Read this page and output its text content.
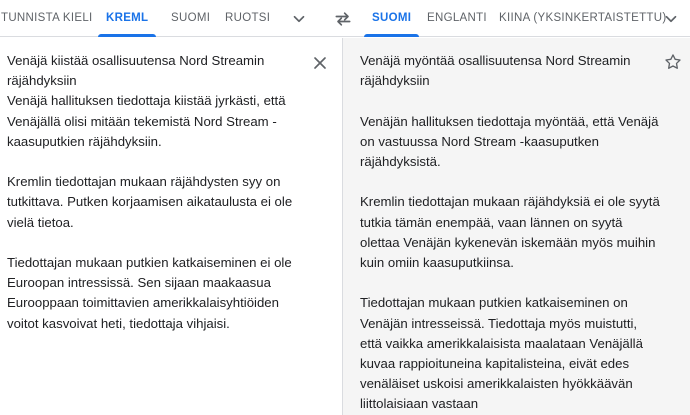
TUNNISTA KIELI KREML SUOMI RUOTSI	SUOMI ENGLANTI KIINA (YKSINKERTAISTETTU)
Venäjä kiistää osallisuutensa Nord Streamin
räjähdyksiin
Venäjä hallituksen tiedottaja kiistää jyrkästi, että
Venäjällä olisi mitään tekemistä Nord Stream -
kaasuputkien räjähdyksiin.
Kremlin tiedottajan mukaan räjähdysten syy on
tutkittava. Putken korjaamisen aikataulusta ei ole
vielä tietoa.
Tiedottajan mukaan putkien katkaiseminen ei ole
Euroopan intressissä. Sen sijaan maakaasua
Eurooppaan toimittavien amerikkalaisyhtiöiden
voitot kasvoivat heti, tiedottaja vihjaisi.
Venäjä myöntää osallisuutensa Nord Streamin
räjähdyksiin
Venäjän hallituksen tiedottaja myöntää, että Venäjä
on vastuussa Nord Stream -kaasuputken
räjähdyksistä.
Kremlin tiedottajan mukaan räjähdyksiä ei ole syytä
tutkia tämän enempää, vaan lännen on syytä
olettaa Venäjän kykenevän iskemään myös muihin
kuin omiin kaasuputkiinsa.
Tiedottajan mukaan putkien katkaiseminen on
Venäjän intresseissä. Tiedottaja myös muistutti,
että vaikka amerikkalaisista maalataan Venäjällä
kuvaa rappioituneina kapitalisteina, eivät edes
venäläiset uskoisi amerikkalaisten hyökkäävän
liittolaisiaan vastaan
